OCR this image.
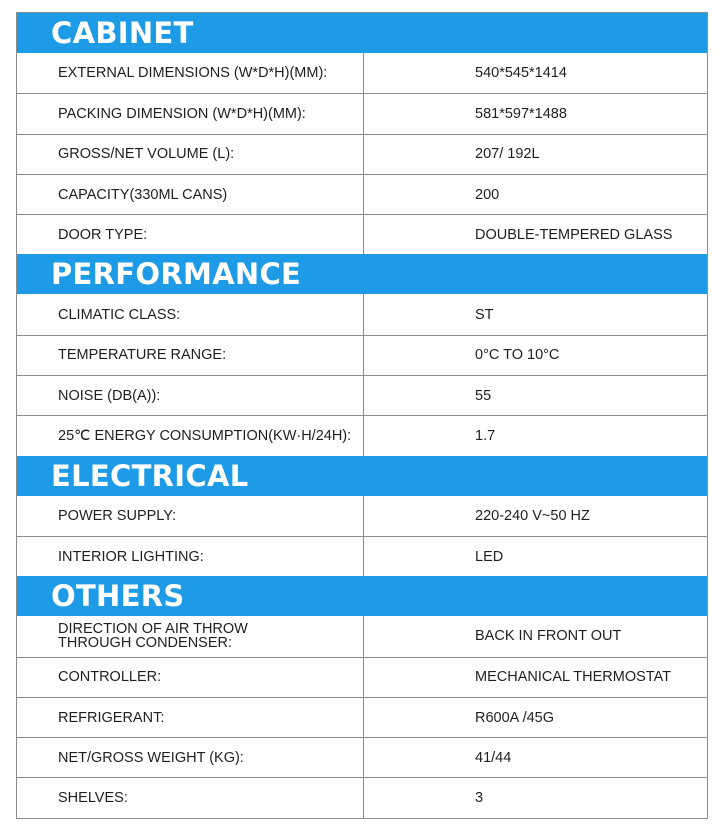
CABINET
EXTERNAL DIMENSIONS (W*D*H)(MM):	540*545*1414
PACKING DIMENSION (W*D*H)(MM):	581*597*1488
GROSS/NET VOLUME (L):	207/ 192L
CAPACITY(330ML CANS)	200
DOOR TYPE:	DOUBLE-TEMPERED GLASS
PERFORMANCE
CLIMATIC CLASS:	ST
TEMPERATURE RANGE:	0°C TO 10°C
NOISE (DB(A)):	55
25℃ ENERGY CONSUMPTION(KW·H/24H):	1.7
ELECTRICAL
POWER SUPPLY:	220-240 V~50 HZ
INTERIOR LIGHTING:	LED
OTHERS
DIRECTION OF AIR THROW
THROUGH CONDENSER:	BACK IN FRONT OUT
CONTROLLER:	MECHANICAL THERMOSTAT
REFRIGERANT:	R600A /45G
NET/GROSS WEIGHT (KG):	41/44
SHELVES:	3
